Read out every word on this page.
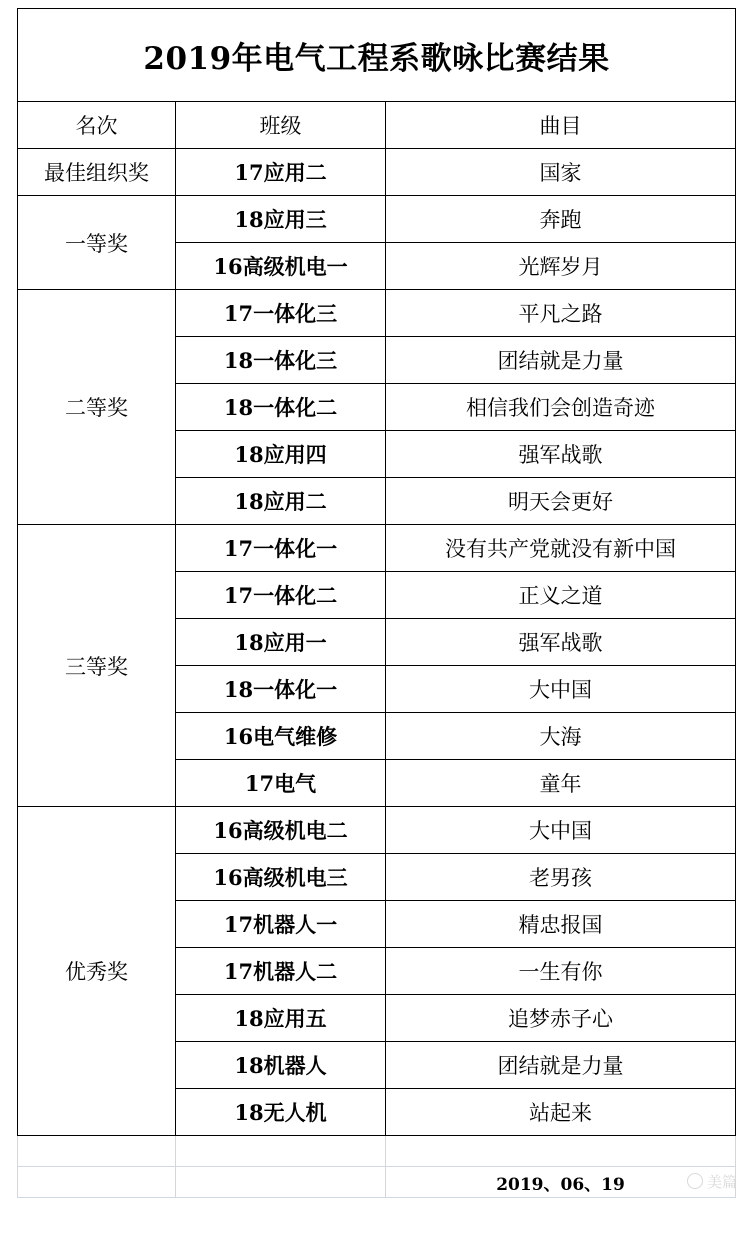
2019年电气工程系歌咏比赛结果		
名次	班级	曲目
最佳组织奖	17应用二	国家
一等奖	18应用三	奔跑
	16高级机电一	光辉岁月
二等奖	17一体化三	平凡之路
	18一体化三	团结就是力量
	18一体化二	相信我们会创造奇迹
	18应用四	强军战歌
	18应用二	明天会更好
三等奖	17一体化一	没有共产党就没有新中国
	17一体化二	正义之道
	18应用一	强军战歌
	18一体化一	大中国
	16电气维修	大海
	17电气	童年
优秀奖	16高级机电二	大中国
	16高级机电三	老男孩
	17机器人一	精忠报国
	17机器人二	一生有你
	18应用五	追梦赤子心
	18机器人	团结就是力量
	18无人机	站起来

		2019、06、19	美篇
